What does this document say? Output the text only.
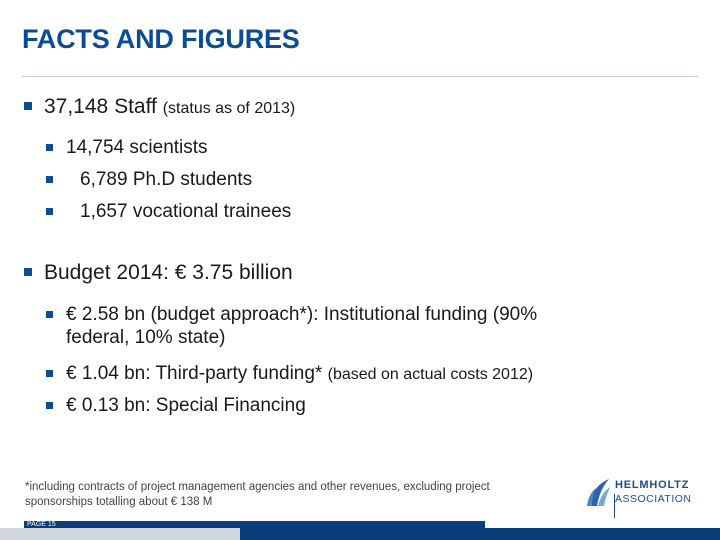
FACTS AND FIGURES
37,148 Staff (status as of 2013)
14,754 scientists
6,789 Ph.D students
1,657 vocational trainees
Budget 2014: € 3.75 billion
€ 2.58 bn (budget approach*): Institutional funding (90%
federal, 10% state)
€ 1.04 bn: Third-party funding* (based on actual costs 2012)
€ 0.13 bn: Special Financing
*including contracts of project management agencies and other revenues, excluding project
sponsorships totalling about € 138 M
HELMHOLTZ
ASSOCIATION
PAGE 15
